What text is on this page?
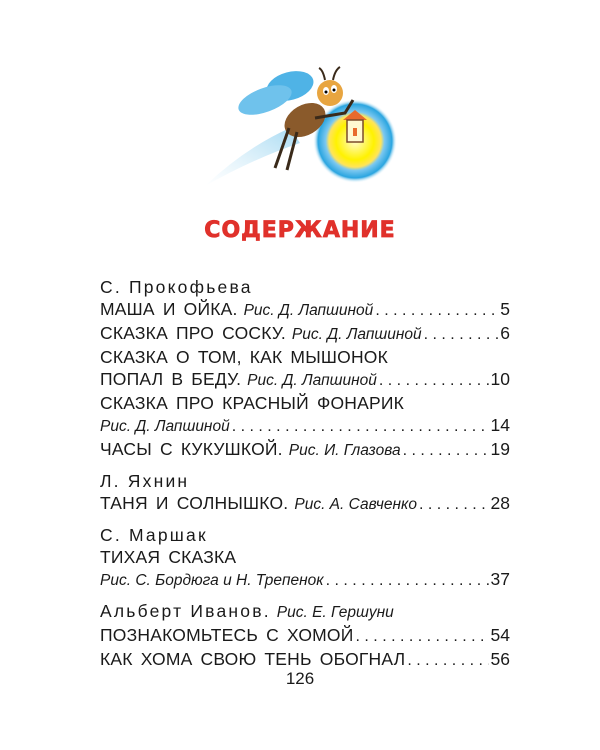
СОДЕРЖАНИЕ
С. Прокофьева
МАША И ОЙКА. Рис. Д. Лапшиной . . .	5
СКАЗКА ПРО СОСКУ. Рис. Д. Лапшиной . . .	6
СКАЗКА О ТОМ, КАК МЫШОНОК
ПОПАЛ В БЕДУ. Рис. Д. Лапшиной . . .	10
СКАЗКА ПРО КРАСНЫЙ ФОНАРИК
Рис. Д. Лапшиной . . .	14
ЧАСЫ С КУКУШКОЙ. Рис. И. Глазова . . .	19
Л. Яхнин
ТАНЯ И СОЛНЫШКО. Рис. А. Савченко . . .	28
С. Маршак
ТИХАЯ СКАЗКА
Рис. С. Бордюга и Н. Трепенок . . .	37
Альберт Иванов. Рис. Е. Гершуни
ПОЗНАКОМЬТЕСЬ С ХОМОЙ . . .	54
КАК ХОМА СВОЮ ТЕНЬ ОБОГНАЛ . . .	56
126
